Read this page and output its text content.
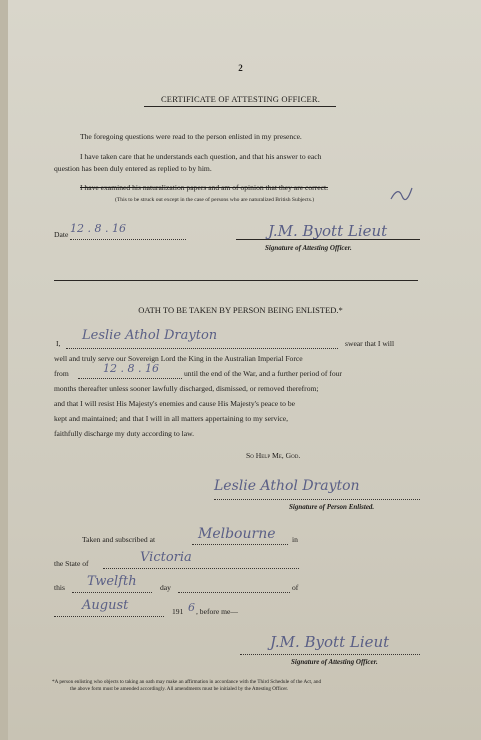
2
CERTIFICATE OF ATTESTING OFFICER.
The foregoing questions were read to the person enlisted in my presence.
I have taken care that he understands each question, and that his answer to each
question has been duly entered as replied to by him.
I have examined his naturalization papers and am of opinion that they are correct.
(This to be struck out except in the case of persons who are naturalized British Subjects.)
Date 12 . 8 . 16	J.M. Byott Lieut
Signature of Attesting Officer.
OATH TO BE TAKEN BY PERSON BEING ENLISTED.*
I,
Leslie Athol Drayton
swear that I will
well and truly serve our Sovereign Lord the King in the Australian Imperial Force
from	12 . 8 . 16	until the end of the War, and a further period of four
months thereafter unless sooner lawfully discharged, dismissed, or removed therefrom;
and that I will resist His Majesty's enemies and cause His Majesty's peace to be
kept and maintained; and that I will in all matters appertaining to my service,
faithfully discharge my duty according to law.
So Help Me, God.
Leslie Athol Drayton
Signature of Person Enlisted.
Taken and subscribed at	Melbourne in
the State of	Victoria
this Twelfth	day	of
August	191 6 , before me—
J.M. Byott Lieut
Signature of Attesting Officer.
*A person enlisting who objects to taking an oath may make an affirmation in accordance with the Third Schedule of the Act, and
the above form must be amended accordingly. All amendments must be initialed by the Attesting Officer.
